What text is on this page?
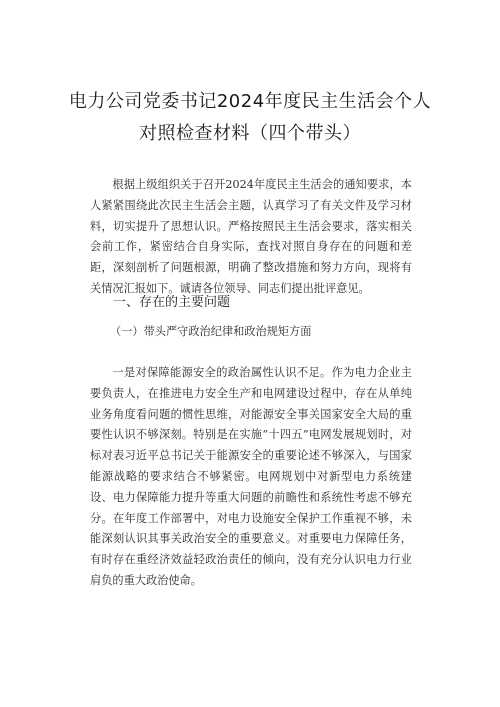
电力公司党委书记2024年度民主生活会个人
对照检查材料（四个带头）

根据上级组织关于召开2024年度民主生活会的通知要求，本人紧紧围绕此次民主生活会主题，认真学习了有关文件及学习材料，切实提升了思想认识。严格按照民主生活会要求，落实相关会前工作，紧密结合自身实际，查找对照自身存在的问题和差距，深刻剖析了问题根源，明确了整改措施和努力方向，现将有关情况汇报如下。诚请各位领导、同志们提出批评意见。

一、存在的主要问题
（一）带头严守政治纪律和政治规矩方面

一是对保障能源安全的政治属性认识不足。作为电力企业主要负责人，在推进电力安全生产和电网建设过程中，存在从单纯业务角度看问题的惯性思维，对能源安全事关国家安全大局的重要性认识不够深刻。特别是在实施“十四五”电网发展规划时，对标对表习近平总书记关于能源安全的重要论述不够深入，与国家能源战略的要求结合不够紧密。电网规划中对新型电力系统建设、电力保障能力提升等重大问题的前瞻性和系统性考虑不够充分。在年度工作部署中，对电力设施安全保护工作重视不够，未能深刻认识其事关政治安全的重要意义。对重要电力保障任务，有时存在重经济效益轻政治责任的倾向，没有充分认识电力行业肩负的重大政治使命。
